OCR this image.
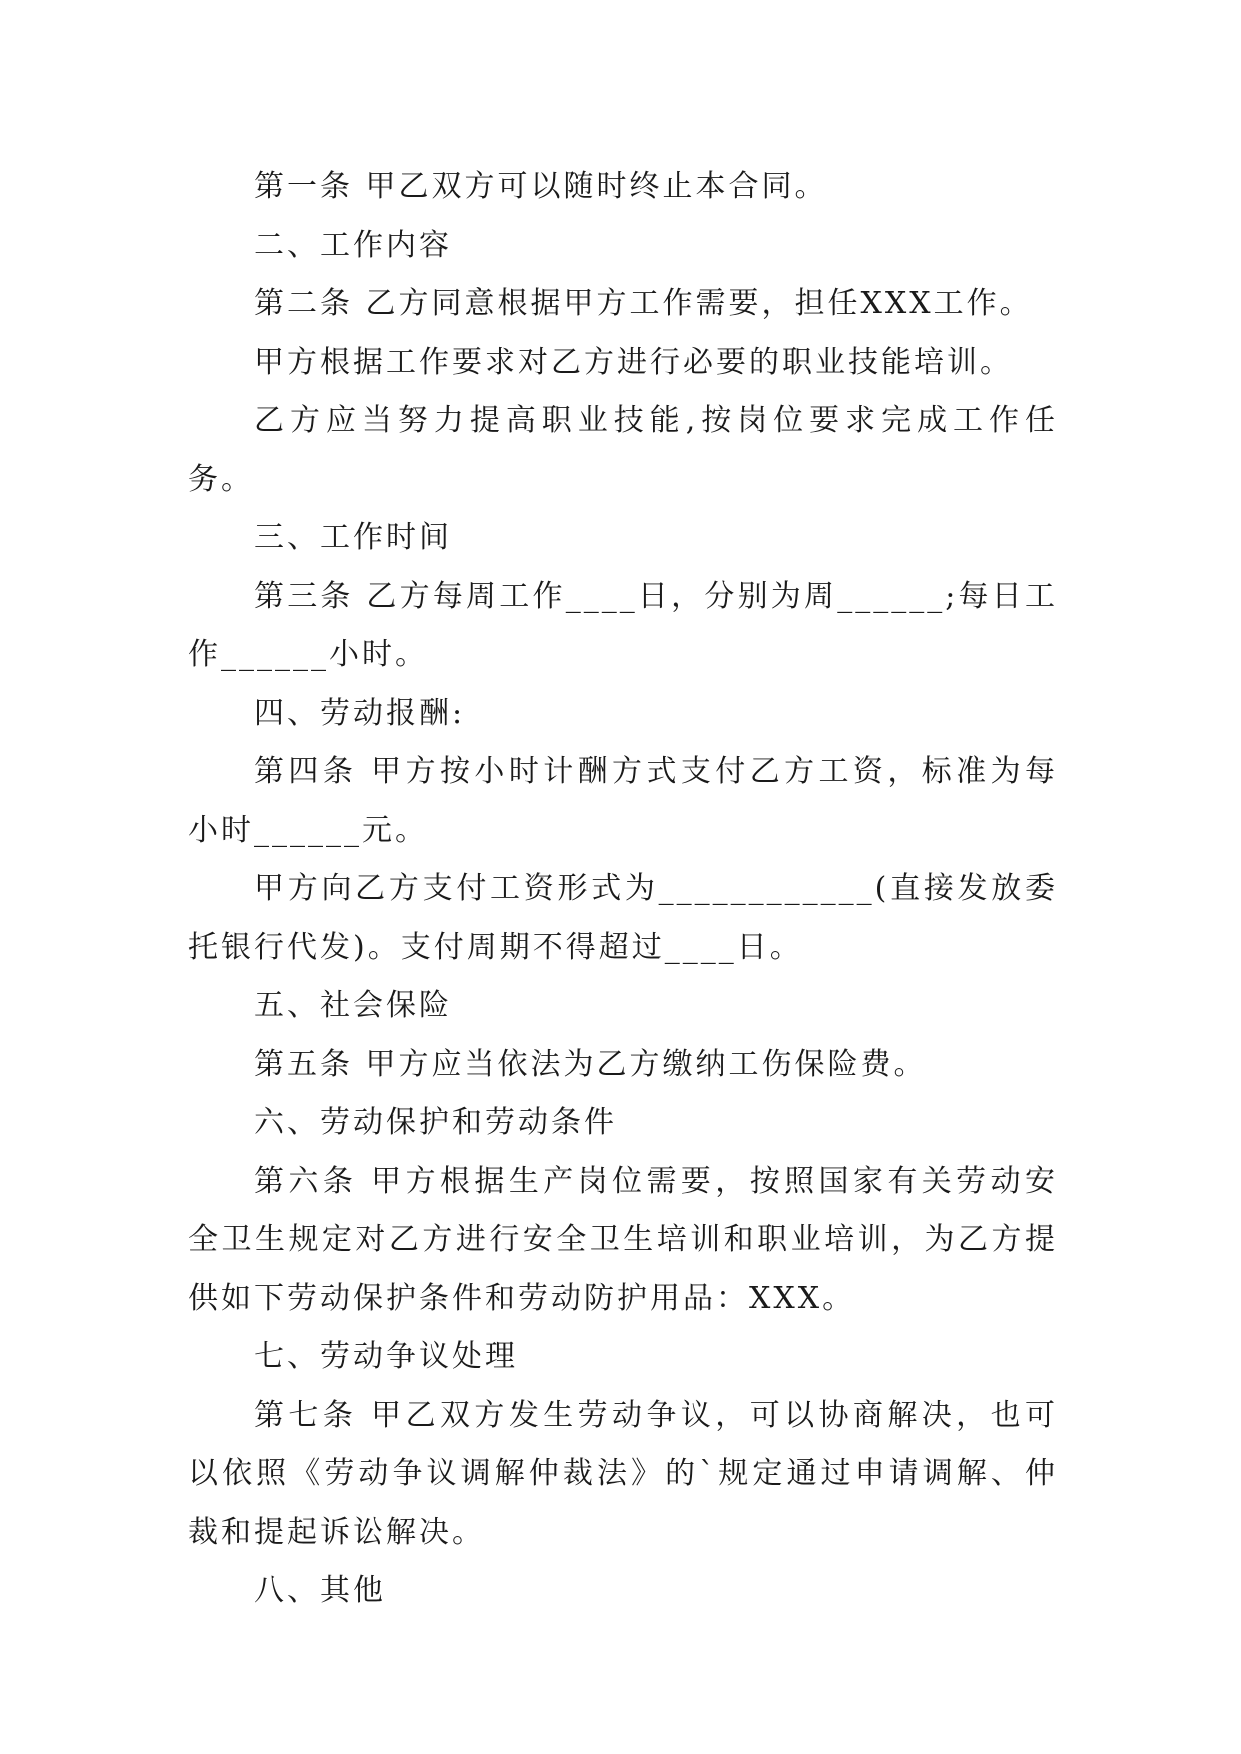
第一条 甲乙双方可以随时终止本合同。

二、工作内容

第二条 乙方同意根据甲方工作需要，担任XXX工作。

甲方根据工作要求对乙方进行必要的职业技能培训。

乙方应当努力提高职业技能,按岗位要求完成工作任务。

三、工作时间

第三条 乙方每周工作____日，分别为周______;每日工作______小时。

四、劳动报酬:

第四条 甲方按小时计酬方式支付乙方工资，标准为每小时______元。

甲方向乙方支付工资形式为____________(直接发放委托银行代发)。支付周期不得超过____日。

五、社会保险

第五条 甲方应当依法为乙方缴纳工伤保险费。

六、劳动保护和劳动条件

第六条 甲方根据生产岗位需要，按照国家有关劳动安全卫生规定对乙方进行安全卫生培训和职业培训，为乙方提供如下劳动保护条件和劳动防护用品：XXX。

七、劳动争议处理

第七条 甲乙双方发生劳动争议，可以协商解决，也可以依照《劳动争议调解仲裁法》的`规定通过申请调解、仲裁和提起诉讼解决。

八、其他
